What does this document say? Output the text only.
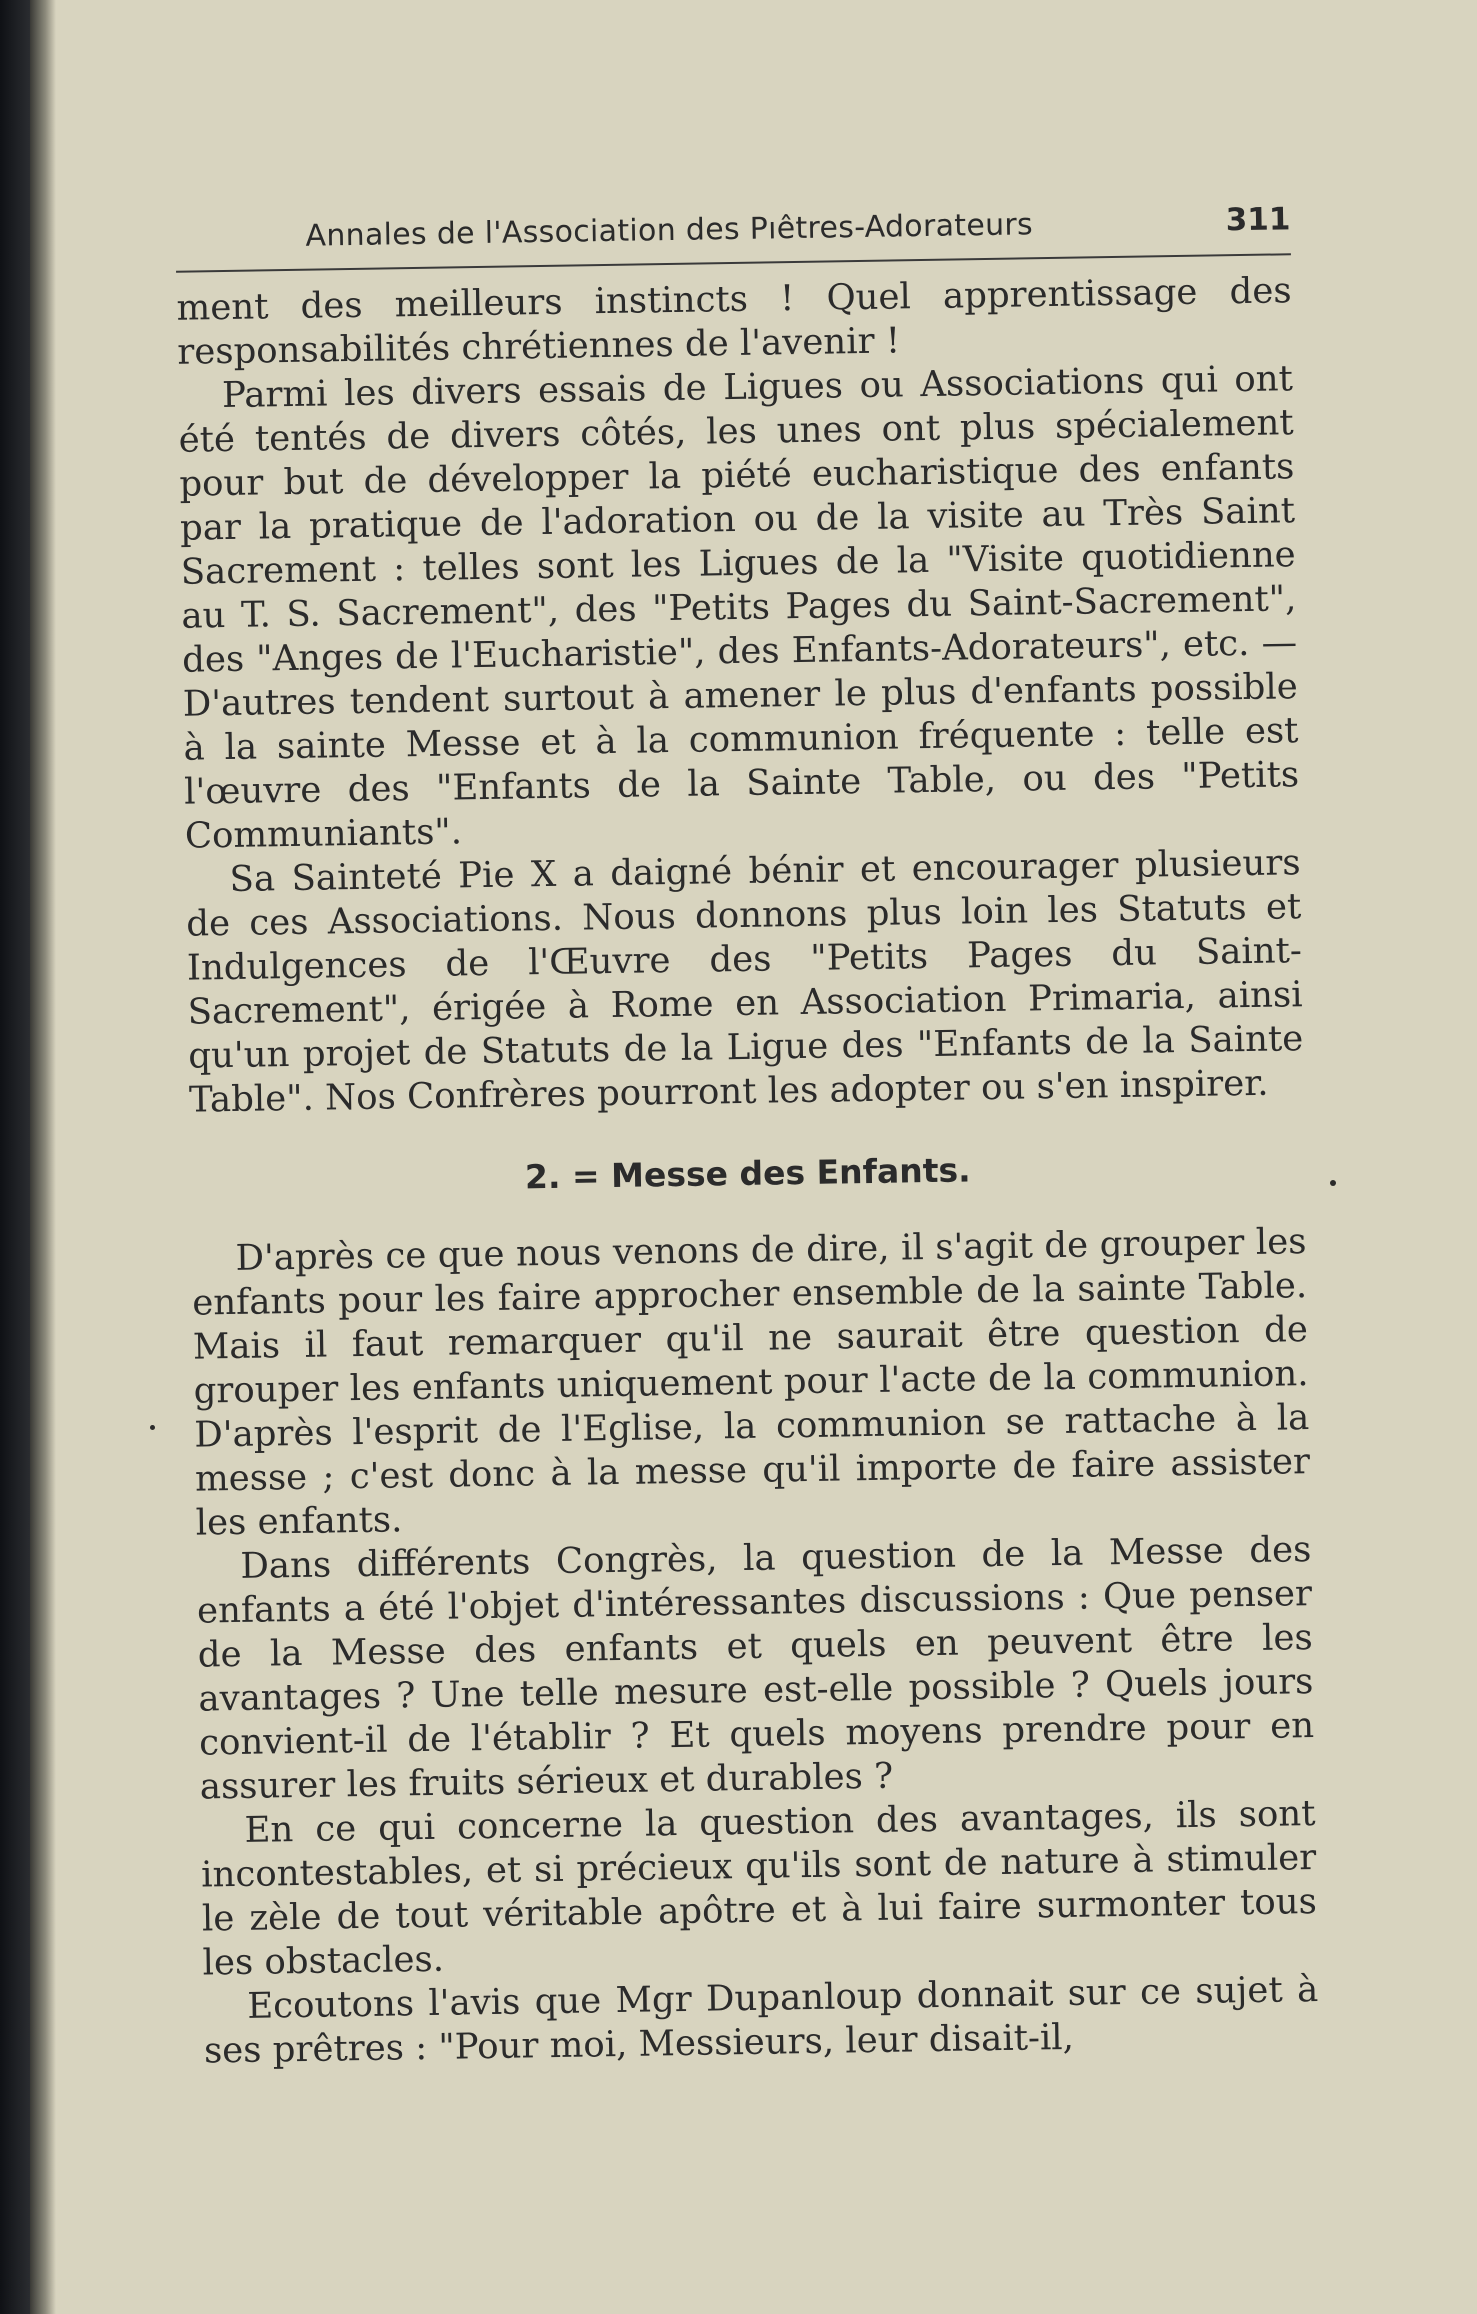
Annales de l'Association des Pıêtres-Adorateurs	311

ment des meilleurs instincts ! Quel apprentissage des responsabilités chrétiennes de l'avenir !

Parmi les divers essais de Ligues ou Associations qui ont été tentés de divers côtés, les unes ont plus spécialement pour but de développer la piété eucharistique des enfants par la pratique de l'adoration ou de la visite au Très Saint Sacrement : telles sont les Ligues de la "Visite quotidienne au T. S. Sacrement", des "Petits Pages du Saint-Sacrement", des "Anges de l'Eucharistie", des Enfants-Adorateurs", etc. — D'autres tendent surtout à amener le plus d'enfants possible à la sainte Messe et à la communion fréquente : telle est l'œuvre des "Enfants de la Sainte Table, ou des "Petits Communiants".

Sa Sainteté Pie X a daigné bénir et encourager plusieurs de ces Associations. Nous donnons plus loin les Statuts et Indulgences de l'Œuvre des "Petits Pages du Saint-Sacrement", érigée à Rome en Association Primaria, ainsi qu'un projet de Statuts de la Ligue des "Enfants de la Sainte Table". Nos Confrères pourront les adopter ou s'en inspirer.

2. = Messe des Enfants.

D'après ce que nous venons de dire, il s'agit de grouper les enfants pour les faire approcher ensemble de la sainte Table. Mais il faut remarquer qu'il ne saurait être question de grouper les enfants uniquement pour l'acte de la communion. D'après l'esprit de l'Eglise, la communion se rattache à la messe ; c'est donc à la messe qu'il importe de faire assister les enfants.

Dans différents Congrès, la question de la Messe des enfants a été l'objet d'intéressantes discussions : Que penser de la Messe des enfants et quels en peuvent être les avantages ? Une telle mesure est-elle possible ? Quels jours convient-il de l'établir ? Et quels moyens prendre pour en assurer les fruits sérieux et durables ?

En ce qui concerne la question des avantages, ils sont incontestables, et si précieux qu'ils sont de nature à stimuler le zèle de tout véritable apôtre et à lui faire surmonter tous les obstacles.

Ecoutons l'avis que Mgr Dupanloup donnait sur ce sujet à ses prêtres : "Pour moi, Messieurs, leur disait-il,
